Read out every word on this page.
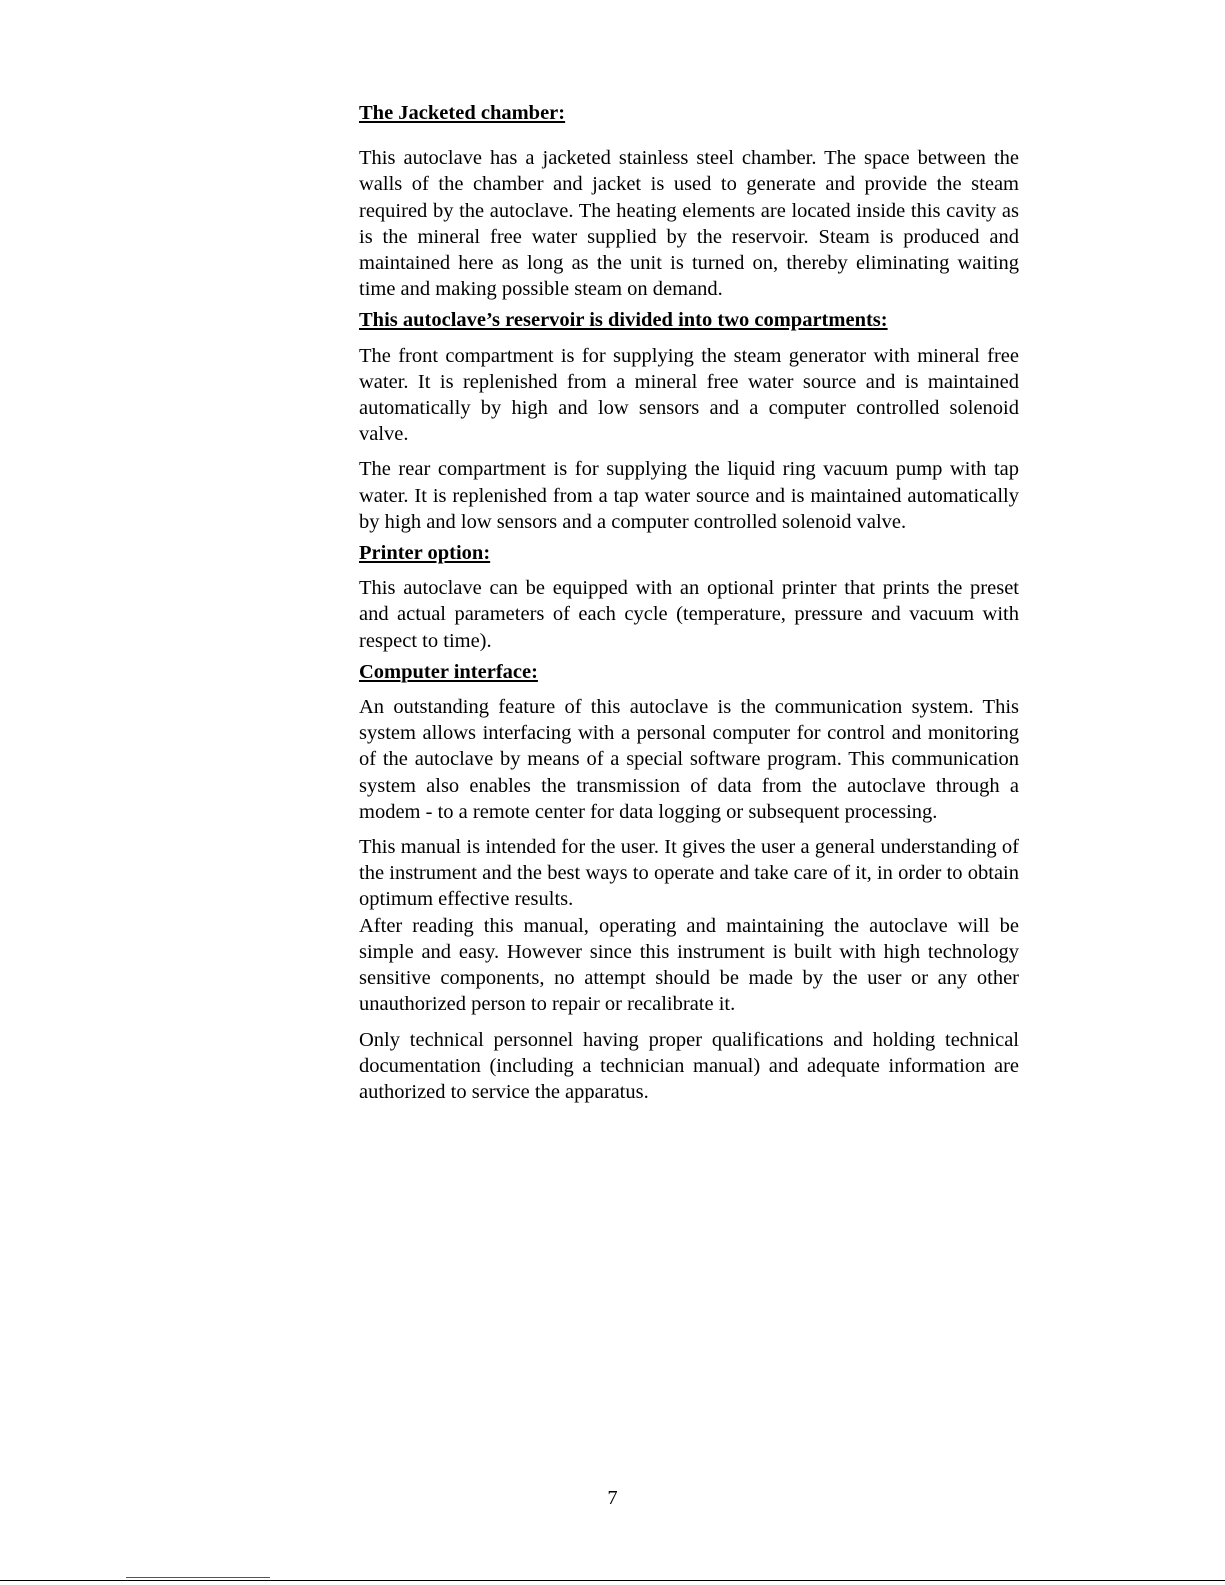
The Jacketed chamber:

This autoclave has a jacketed stainless steel chamber. The space between the walls of the chamber and jacket is used to generate and provide the steam required by the autoclave. The heating elements are located inside this cavity as is the mineral free water supplied by the reservoir. Steam is produced and maintained here as long as the unit is turned on, thereby eliminating waiting time and making possible steam on demand.

This autoclave’s reservoir is divided into two compartments:

The front compartment is for supplying the steam generator with mineral free water. It is replenished from a mineral free water source and is maintained automatically by high and low sensors and a computer controlled solenoid valve.

The rear compartment is for supplying the liquid ring vacuum pump with tap water. It is replenished from a tap water source and is maintained automatically by high and low sensors and a computer controlled solenoid valve.

Printer option:

This autoclave can be equipped with an optional printer that prints the preset and actual parameters of each cycle (temperature, pressure and vacuum with respect to time).

Computer interface:

An outstanding feature of this autoclave is the communication system. This system allows interfacing with a personal computer for control and monitoring of the autoclave by means of a special software program. This communication system also enables the transmission of data from the autoclave through a modem - to a remote center for data logging or subsequent processing.

This manual is intended for the user. It gives the user a general understanding of the instrument and the best ways to operate and take care of it, in order to obtain optimum effective results.

After reading this manual, operating and maintaining the autoclave will be simple and easy. However since this instrument is built with high technology sensitive components, no attempt should be made by the user or any other unauthorized person to repair or recalibrate it.

Only technical personnel having proper qualifications and holding technical documentation (including a technician manual) and adequate information are authorized to service the apparatus.

7
